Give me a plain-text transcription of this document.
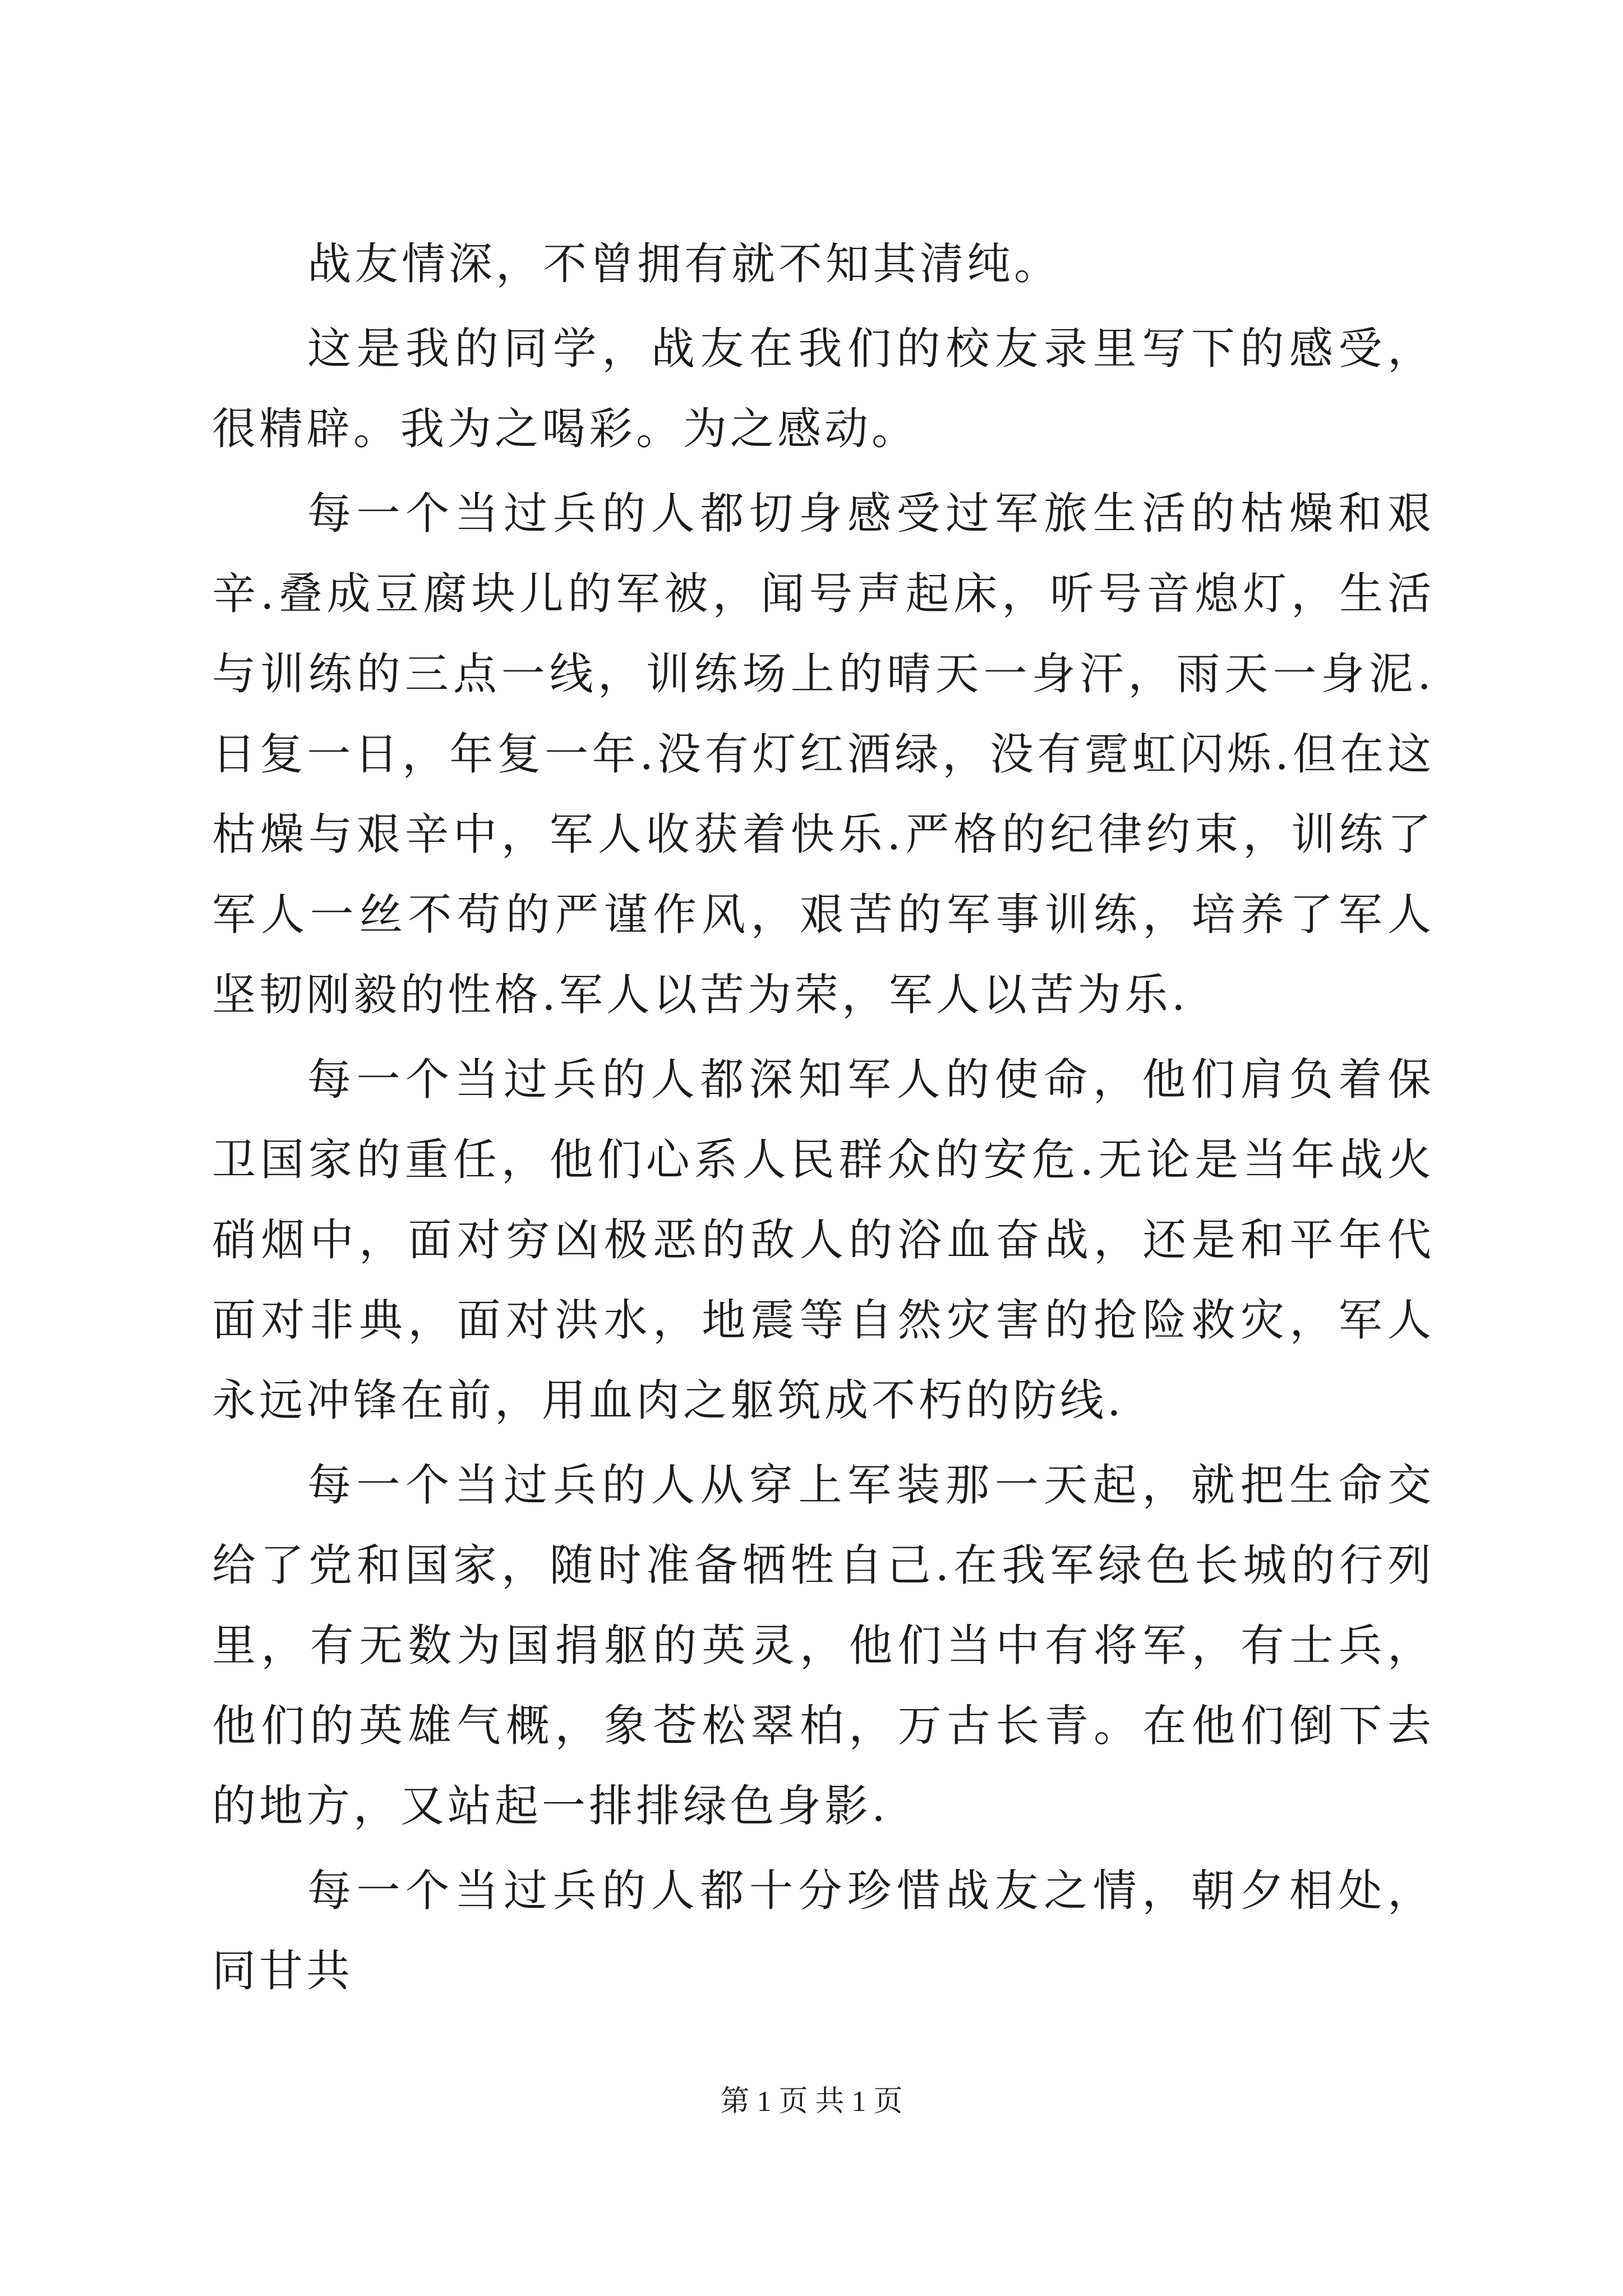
战友情深，不曾拥有就不知其清纯。

这是我的同学，战友在我们的校友录里写下的感受，很精辟。我为之喝彩。为之感动。

每一个当过兵的人都切身感受过军旅生活的枯燥和艰辛.叠成豆腐块儿的军被，闻号声起床，听号音熄灯，生活与训练的三点一线，训练场上的晴天一身汗，雨天一身泥.日复一日，年复一年.没有灯红酒绿，没有霓虹闪烁.但在这枯燥与艰辛中，军人收获着快乐.严格的纪律约束，训练了军人一丝不苟的严谨作风，艰苦的军事训练，培养了军人坚韧刚毅的性格.军人以苦为荣，军人以苦为乐.

每一个当过兵的人都深知军人的使命，他们肩负着保卫国家的重任，他们心系人民群众的安危.无论是当年战火硝烟中，面对穷凶极恶的敌人的浴血奋战，还是和平年代面对非典，面对洪水，地震等自然灾害的抢险救灾，军人永远冲锋在前，用血肉之躯筑成不朽的防线.

每一个当过兵的人从穿上军装那一天起，就把生命交给了党和国家，随时准备牺牲自己.在我军绿色长城的行列里，有无数为国捐躯的英灵，他们当中有将军，有士兵，他们的英雄气概，象苍松翠柏，万古长青。在他们倒下去的地方，又站起一排排绿色身影.

每一个当过兵的人都十分珍惜战友之情，朝夕相处，同甘共

第 1 页 共 1 页
